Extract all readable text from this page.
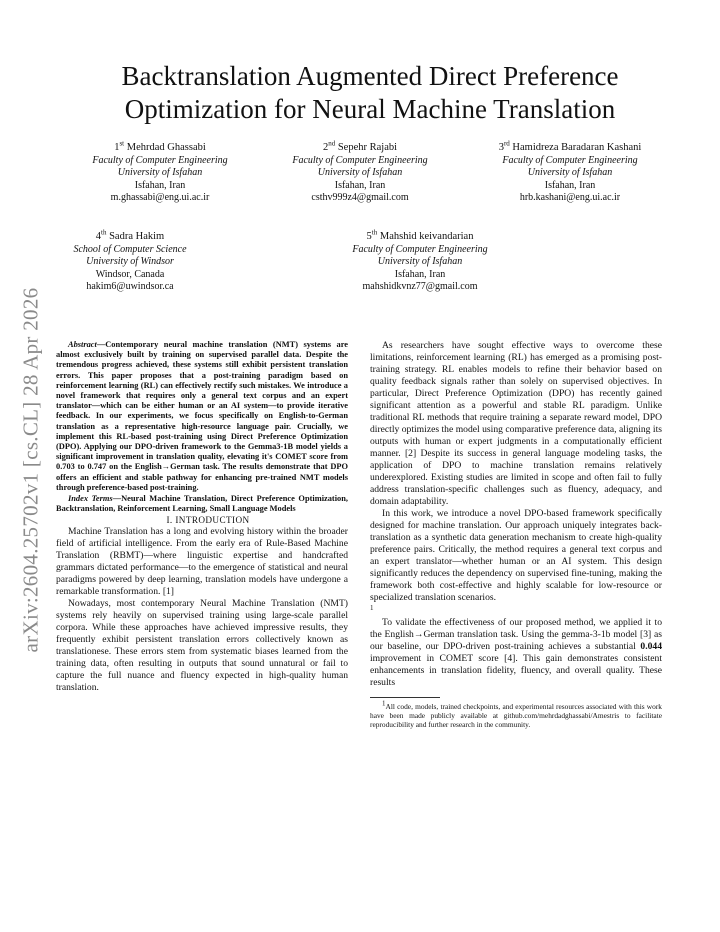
arXiv:2604.25702v1 [cs.CL] 28 Apr 2026
Backtranslation Augmented Direct Preference
Optimization for Neural Machine Translation
1st Mehrdad Ghassabi
Faculty of Computer Engineering
University of Isfahan
Isfahan, Iran
m.ghassabi@eng.ui.ac.ir
2nd Sepehr Rajabi
Faculty of Computer Engineering
University of Isfahan
Isfahan, Iran
csthv999z4@gmail.com
3rd Hamidreza Baradaran Kashani
Faculty of Computer Engineering
University of Isfahan
Isfahan, Iran
hrb.kashani@eng.ui.ac.ir
4th Sadra Hakim
School of Computer Science
University of Windsor
Windsor, Canada
hakim6@uwindsor.ca
5th Mahshid keivandarian
Faculty of Computer Engineering
University of Isfahan
Isfahan, Iran
mahshidkvnz77@gmail.com

Abstract—Contemporary neural machine translation (NMT) systems are almost exclusively built by training on supervised parallel data. Despite the tremendous progress achieved, these systems still exhibit persistent translation errors. This paper proposes that a post-training paradigm based on reinforcement learning (RL) can effectively rectify such mistakes. We introduce a novel framework that requires only a general text corpus and an expert translator—which can be either human or an AI system—to provide iterative feedback. In our experiments, we focus specifically on English-to-German translation as a representative high-resource language pair. Crucially, we implement this RL-based post-training using Direct Preference Optimization (DPO). Applying our DPO-driven framework to the Gemma3-1B model yields a significant improvement in translation quality, elevating it's COMET score from 0.703 to 0.747 on the English→German task. The results demonstrate that DPO offers an efficient and stable pathway for enhancing pre-trained NMT models through preference-based post-training.

Index Terms—Neural Machine Translation, Direct Preference Optimization, Backtranslation, Reinforcement Learning, Small Language Models

I. INTRODUCTION

Machine Translation has a long and evolving history within the broader field of artificial intelligence. From the early era of Rule-Based Machine Translation (RBMT)—where linguistic expertise and handcrafted grammars dictated performance—to the emergence of statistical and neural paradigms powered by deep learning, translation models have undergone a remarkable transformation. [1]

Nowadays, most contemporary Neural Machine Translation (NMT) systems rely heavily on supervised training using large-scale parallel corpora. While these approaches have achieved impressive results, they frequently exhibit persistent translation errors collectively known as translationese. These errors stem from systematic biases learned from the training data, often resulting in outputs that sound unnatural or fail to capture the full nuance and fluency expected in high-quality human translation.

As researchers have sought effective ways to overcome these limitations, reinforcement learning (RL) has emerged as a promising post-training strategy. RL enables models to refine their behavior based on quality feedback signals rather than solely on supervised objectives. In particular, Direct Preference Optimization (DPO) has recently gained significant attention as a powerful and stable RL paradigm. Unlike traditional RL methods that require training a separate reward model, DPO directly optimizes the model using comparative preference data, aligning its outputs with human or expert judgments in a computationally efficient manner. [2] Despite its success in general language modeling tasks, the application of DPO to machine translation remains relatively underexplored. Existing studies are limited in scope and often fail to fully address translation-specific challenges such as fluency, adequacy, and domain adaptability.

In this work, we introduce a novel DPO-based framework specifically designed for machine translation. Our approach uniquely integrates back-translation as a synthetic data generation mechanism to create high-quality preference pairs. Critically, the method requires a general text corpus and an expert translator—whether human or an AI system. This design significantly reduces the dependency on supervised fine-tuning, making the framework both cost-effective and highly scalable for low-resource or specialized translation scenarios.

1

To validate the effectiveness of our proposed method, we applied it to the English→German translation task. Using the gemma-3-1b model [3] as our baseline, our DPO-driven post-training achieves a substantial 0.044 improvement in COMET score [4]. This gain demonstrates consistent enhancements in translation fidelity, fluency, and overall quality. These results

$^1$All code, models, trained checkpoints, and experimental resources associated with this work have been made publicly available at github.com/mehrdadghassabi/Amestris to facilitate reproducibility and further research in the community.
